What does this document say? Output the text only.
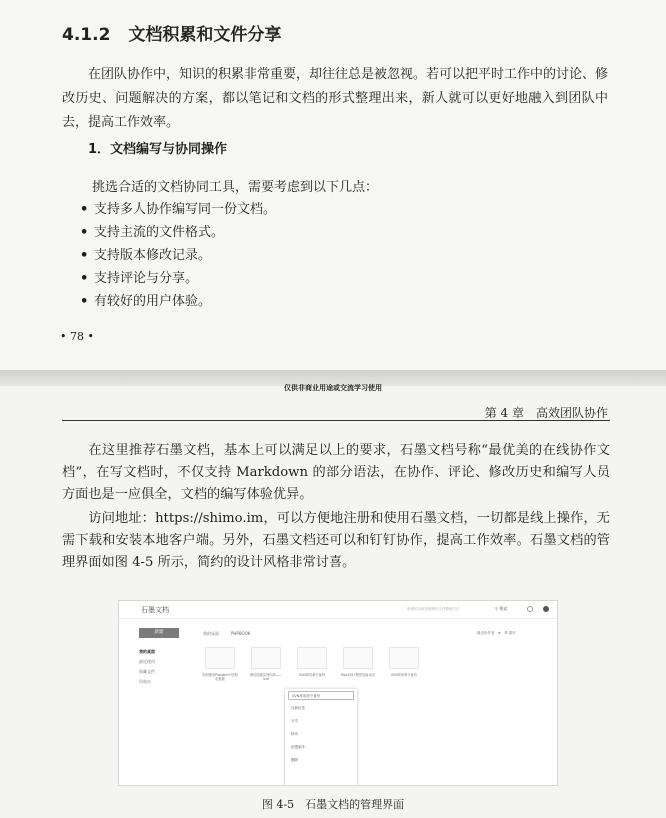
4.1.2 文档积累和文件分享

在团队协作中，知识的积累非常重要，却往往总是被忽视。若可以把平时工作中的讨论、修改历史、问题解决的方案，都以笔记和文档的形式整理出来，新人就可以更好地融入到团队中去，提高工作效率。

1．文档编写与协同操作
挑选合适的文档协同工具，需要考虑到以下几点：
• 支持多人协作编写同一份文档。
• 支持主流的文件格式。
• 支持版本修改记录。
• 支持评论与分享。
• 有较好的用户体验。
• 78 •
仅供非商业用途或交流学习使用
第 4 章　高效团队协作

在这里推荐石墨文档，基本上可以满足以上的要求，石墨文档号称“最优美的在线协作文档”，在写文档时，不仅支持 Markdown 的部分语法，在协作、评论、修改历史和编写人员方面也是一应俱全，文档的编写体验优异。

访问地址：https://shimo.im，可以方便地注册和使用石墨文档，一切都是线上操作，无需下载和安装本地客户端。另外，石墨文档还可以和钉钉协作，提高工作效率。石墨文档的管理界面如图 4-5 所示，简约的设计风格非常讨喜。

石墨文档	新增的全新更便捷的文件整理方法	⚲ 搜索
新建	我的桌面	PHPBOOK	最近协作者　⊕　☰ 排序
我的桌面
最近使用
收藏文件
回收站
如何使用Protobuf+结构化数据
微信前端实现代码——Vue
SVN常用命令备份	Mac2017程序指南未完	SVN常用命令备份
SVN常用命令备份
在新标签
分享
移动
创建副本
删除
图 4-5　石墨文档的管理界面
